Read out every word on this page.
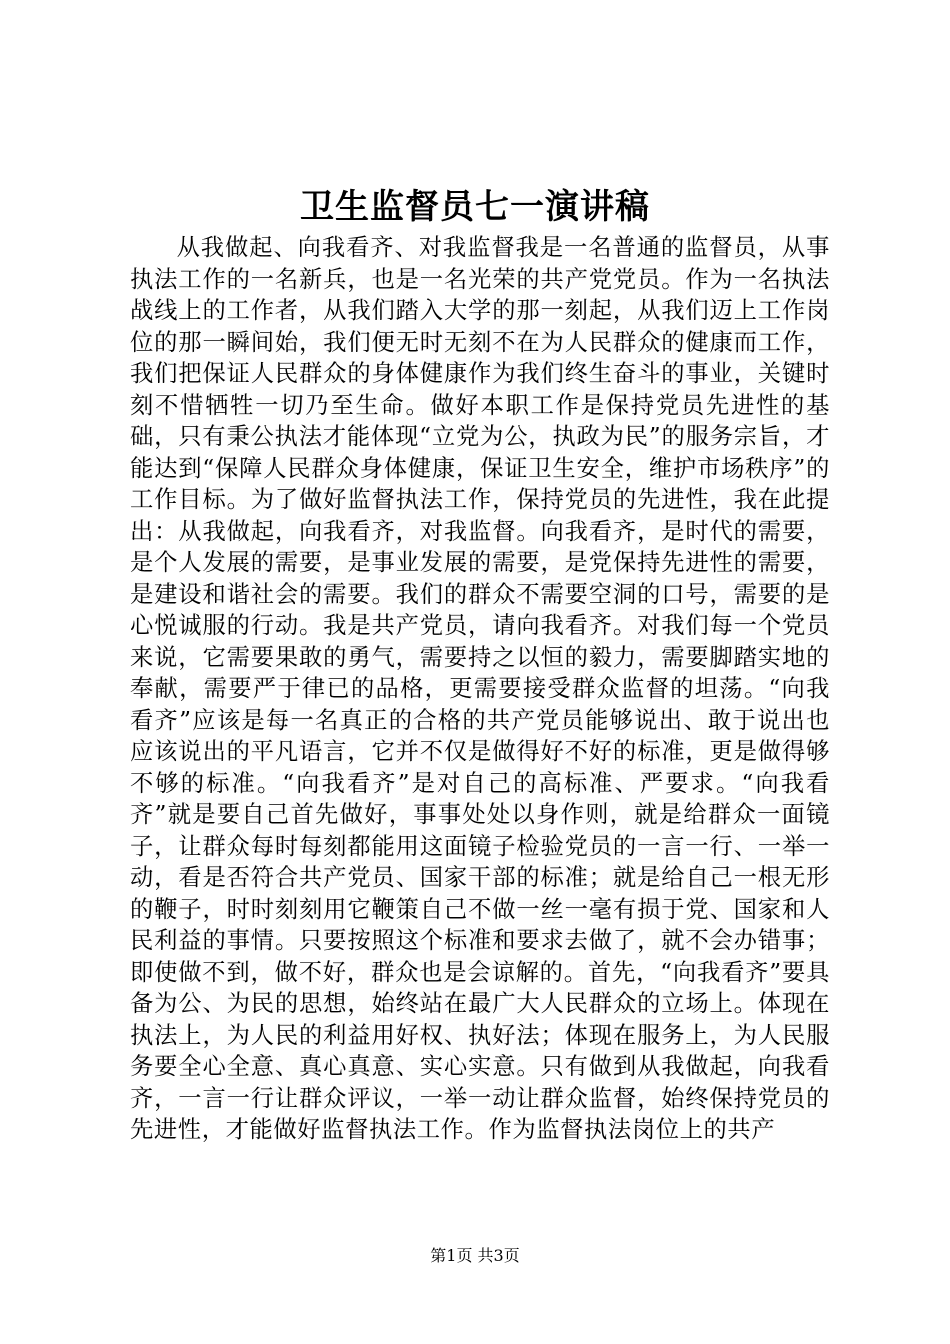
卫生监督员七一演讲稿

从我做起、向我看齐、对我监督我是一名普通的监督员，从事执法工作的一名新兵，也是一名光荣的共产党党员。作为一名执法战线上的工作者，从我们踏入大学的那一刻起，从我们迈上工作岗位的那一瞬间始，我们便无时无刻不在为人民群众的健康而工作，我们把保证人民群众的身体健康作为我们终生奋斗的事业，关键时刻不惜牺牲一切乃至生命。做好本职工作是保持党员先进性的基础，只有秉公执法才能体现“立党为公，执政为民”的服务宗旨，才能达到“保障人民群众身体健康，保证卫生安全，维护市场秩序”的工作目标。为了做好监督执法工作，保持党员的先进性，我在此提出：从我做起，向我看齐，对我监督。向我看齐，是时代的需要，是个人发展的需要，是事业发展的需要，是党保持先进性的需要，是建设和谐社会的需要。我们的群众不需要空洞的口号，需要的是心悦诚服的行动。我是共产党员，请向我看齐。对我们每一个党员来说，它需要果敢的勇气，需要持之以恒的毅力，需要脚踏实地的奉献，需要严于律已的品格，更需要接受群众监督的坦荡。“向我看齐”应该是每一名真正的合格的共产党员能够说出、敢于说出也应该说出的平凡语言，它并不仅是做得好不好的标准，更是做得够不够的标准。“向我看齐”是对自己的高标准、严要求。“向我看齐”就是要自己首先做好，事事处处以身作则，就是给群众一面镜子，让群众每时每刻都能用这面镜子检验党员的一言一行、一举一动，看是否符合共产党员、国家干部的标准；就是给自己一根无形的鞭子，时时刻刻用它鞭策自己不做一丝一毫有损于党、国家和人民利益的事情。只要按照这个标准和要求去做了，就不会办错事；即使做不到，做不好，群众也是会谅解的。首先，“向我看齐”要具备为公、为民的思想，始终站在最广大人民群众的立场上。体现在执法上，为人民的利益用好权、执好法；体现在服务上，为人民服务要全心全意、真心真意、实心实意。只有做到从我做起，向我看齐，一言一行让群众评议，一举一动让群众监督，始终保持党员的先进性，才能做好监督执法工作。作为监督执法岗位上的共产

第1页 共3页
